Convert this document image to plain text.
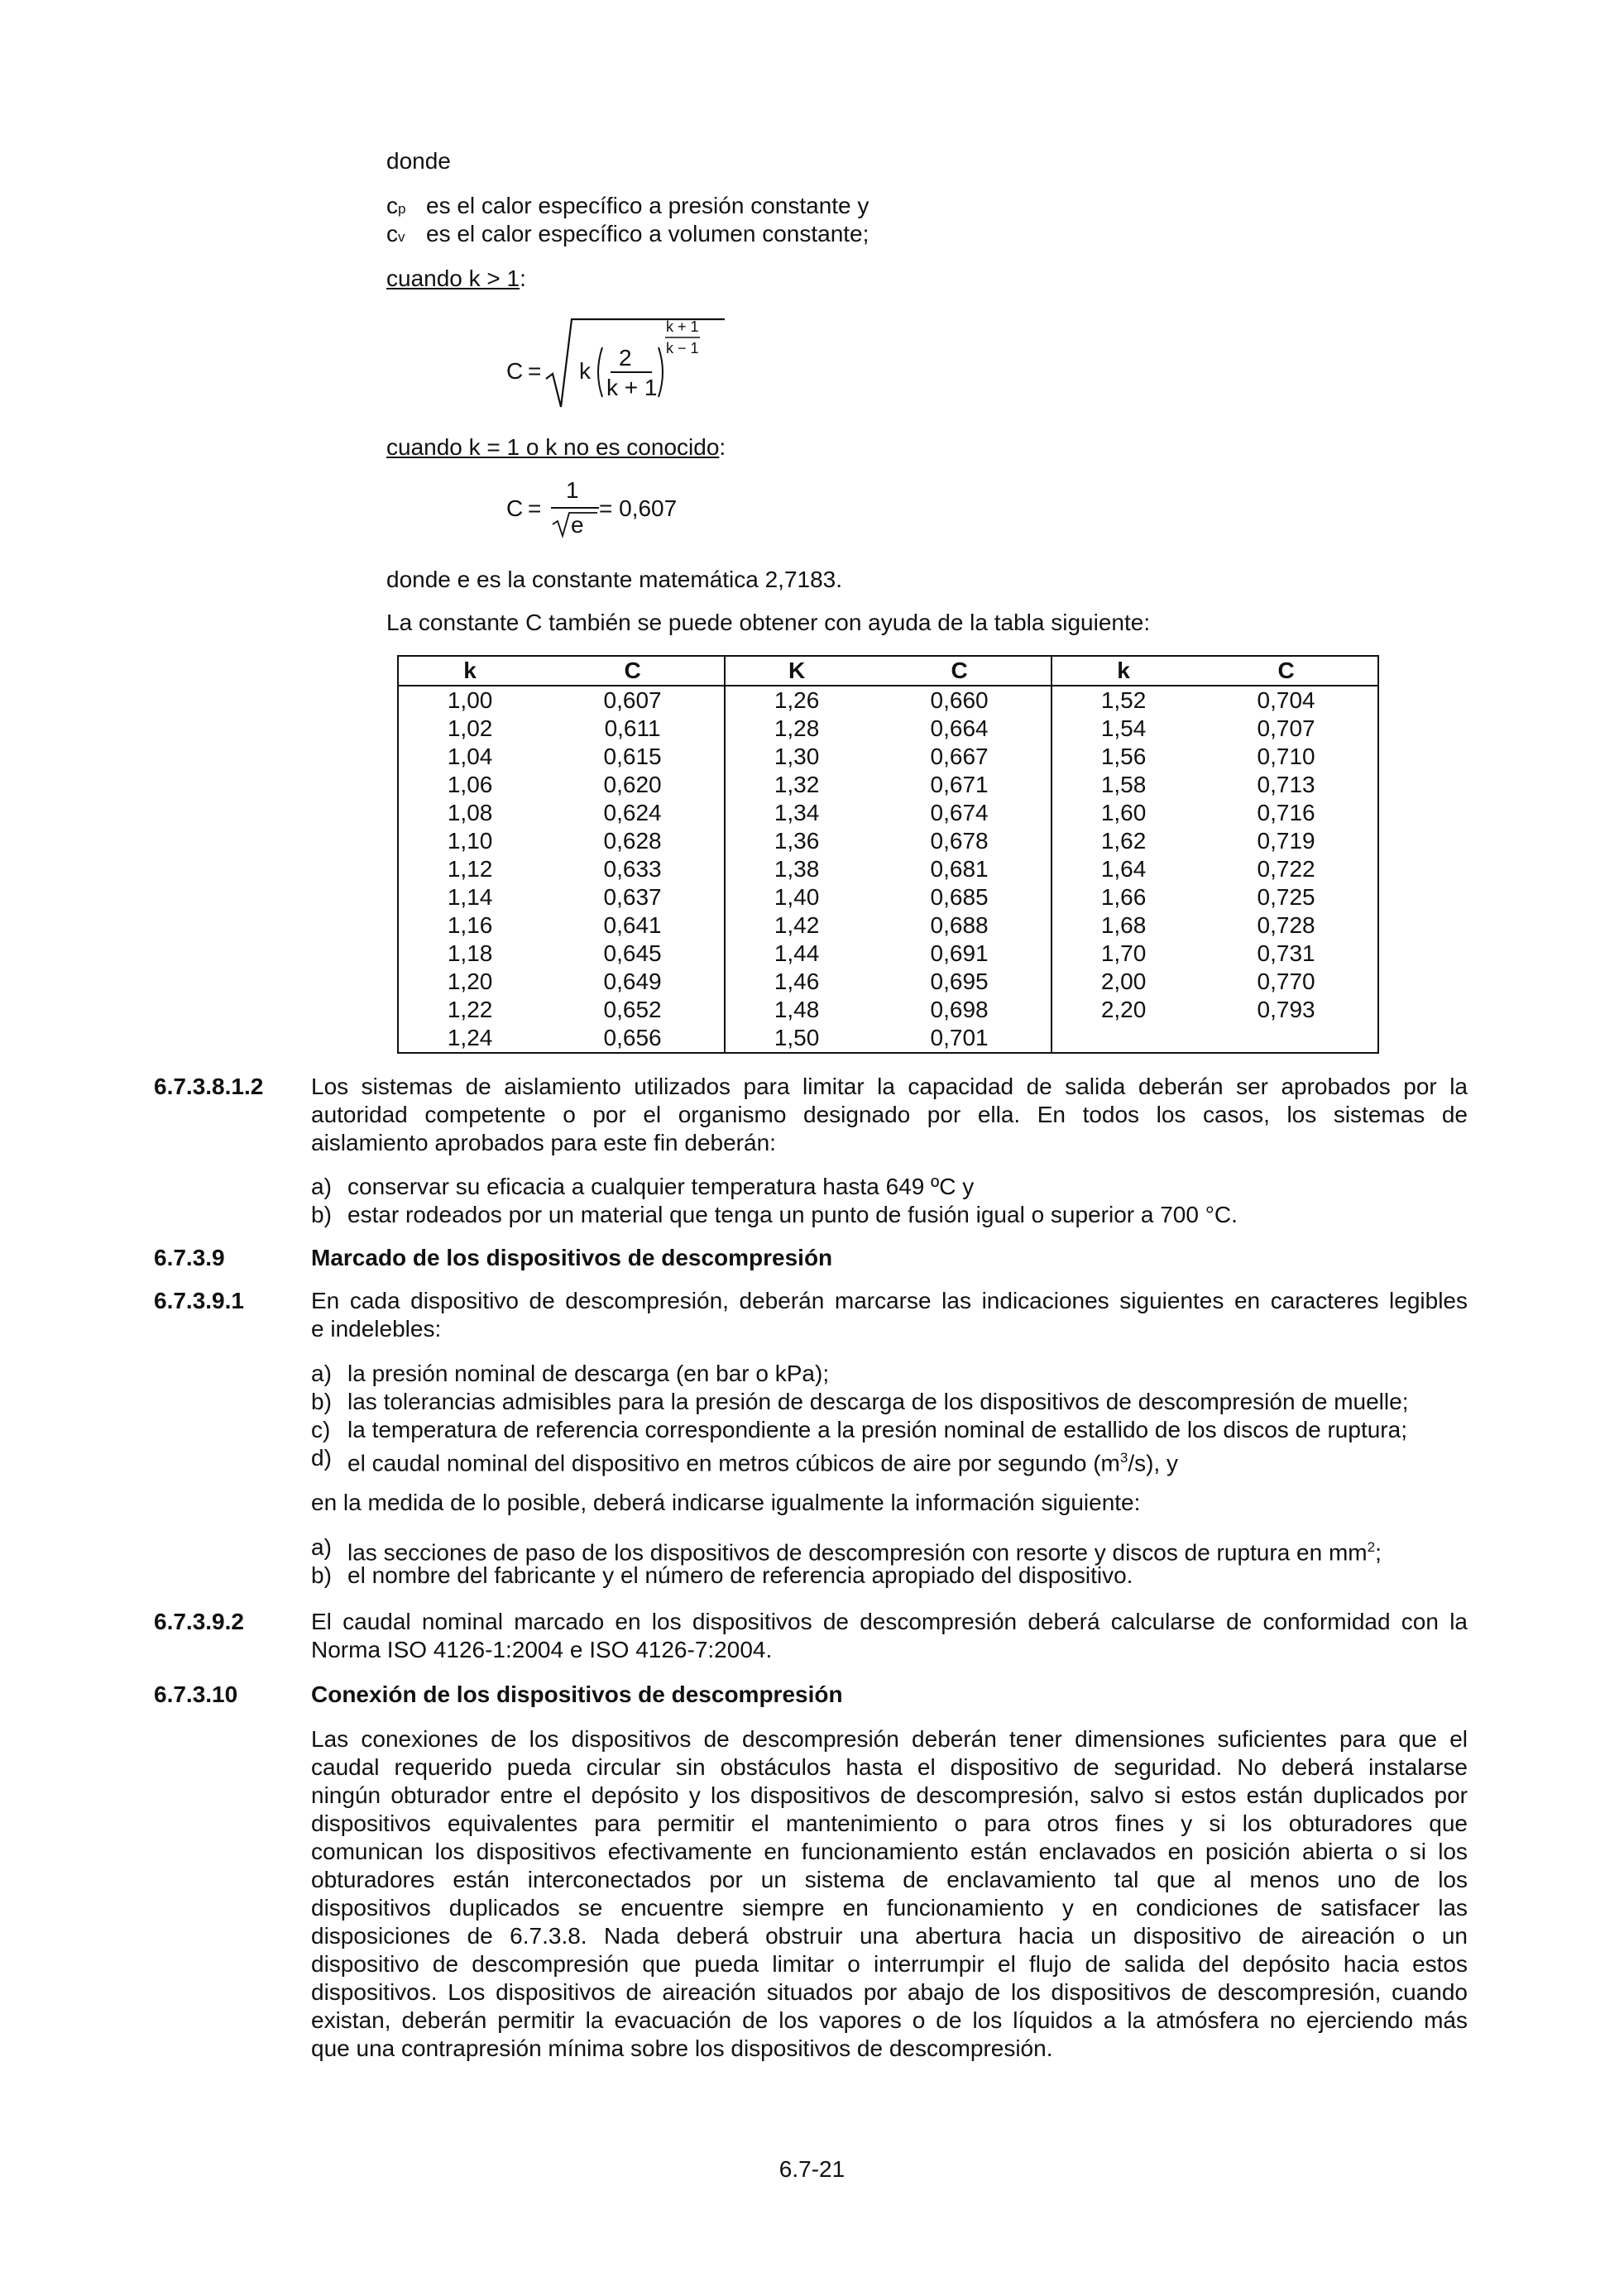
donde
cp es el calor específico a presión constante y
cv es el calor específico a volumen constante;
cuando k > 1:
C = k
2
k + 1
k + 1
k − 1
cuando k = 1 o k no es conocido:
C =
1
e
= 0,607
donde e es la constante matemática 2,7183.
La constante C también se puede obtener con ayuda de la tabla siguiente:
k	C	K	C	k	C
1,00	0,607	1,26	0,660	1,52	0,704
1,02	0,611	1,28	0,664	1,54	0,707
1,04	0,615	1,30	0,667	1,56	0,710
1,06	0,620	1,32	0,671	1,58	0,713
1,08	0,624	1,34	0,674	1,60	0,716
1,10	0,628	1,36	0,678	1,62	0,719
1,12	0,633	1,38	0,681	1,64	0,722
1,14	0,637	1,40	0,685	1,66	0,725
1,16	0,641	1,42	0,688	1,68	0,728
1,18	0,645	1,44	0,691	1,70	0,731
1,20	0,649	1,46	0,695	2,00	0,770
1,22	0,652	1,48	0,698	2,20	0,793
1,24	0,656	1,50	0,701		
6.7.3.8.1.2 Los sistemas de aislamiento utilizados para limitar la capacidad de salida deberán ser aprobados por la
autoridad competente o por el organismo designado por ella. En todos los casos, los sistemas de
aislamiento aprobados para este fin deberán:
a) conservar su eficacia a cualquier temperatura hasta 649 ºC y
b) estar rodeados por un material que tenga un punto de fusión igual o superior a 700 °C.
6.7.3.9	Marcado de los dispositivos de descompresión
6.7.3.9.1	En cada dispositivo de descompresión, deberán marcarse las indicaciones siguientes en caracteres legibles
e indelebles:
a) la presión nominal de descarga (en bar o kPa);
b) las tolerancias admisibles para la presión de descarga de los dispositivos de descompresión de muelle;
c) la temperatura de referencia correspondiente a la presión nominal de estallido de los discos de ruptura;
d) el caudal nominal del dispositivo en metros cúbicos de aire por segundo $(m^3/s)$, y
en la medida de lo posible, deberá indicarse igualmente la información siguiente:
a) las secciones de paso de los dispositivos de descompresión con resorte y discos de ruptura en $mm^2$;
b) el nombre del fabricante y el número de referencia apropiado del dispositivo.
6.7.3.9.2	El caudal nominal marcado en los dispositivos de descompresión deberá calcularse de conformidad con la
Norma ISO 4126-1:2004 e ISO 4126-7:2004.
6.7.3.10	Conexión de los dispositivos de descompresión
Las conexiones de los dispositivos de descompresión deberán tener dimensiones suficientes para que el
caudal requerido pueda circular sin obstáculos hasta el dispositivo de seguridad. No deberá instalarse
ningún obturador entre el depósito y los dispositivos de descompresión, salvo si estos están duplicados por
dispositivos equivalentes para permitir el mantenimiento o para otros fines y si los obturadores que
comunican los dispositivos efectivamente en funcionamiento están enclavados en posición abierta o si los
obturadores están interconectados por un sistema de enclavamiento tal que al menos uno de los
dispositivos duplicados se encuentre siempre en funcionamiento y en condiciones de satisfacer las
disposiciones de 6.7.3.8. Nada deberá obstruir una abertura hacia un dispositivo de aireación o un
dispositivo de descompresión que pueda limitar o interrumpir el flujo de salida del depósito hacia estos
dispositivos. Los dispositivos de aireación situados por abajo de los dispositivos de descompresión, cuando
existan, deberán permitir la evacuación de los vapores o de los líquidos a la atmósfera no ejerciendo más
que una contrapresión mínima sobre los dispositivos de descompresión.
6.7-21
